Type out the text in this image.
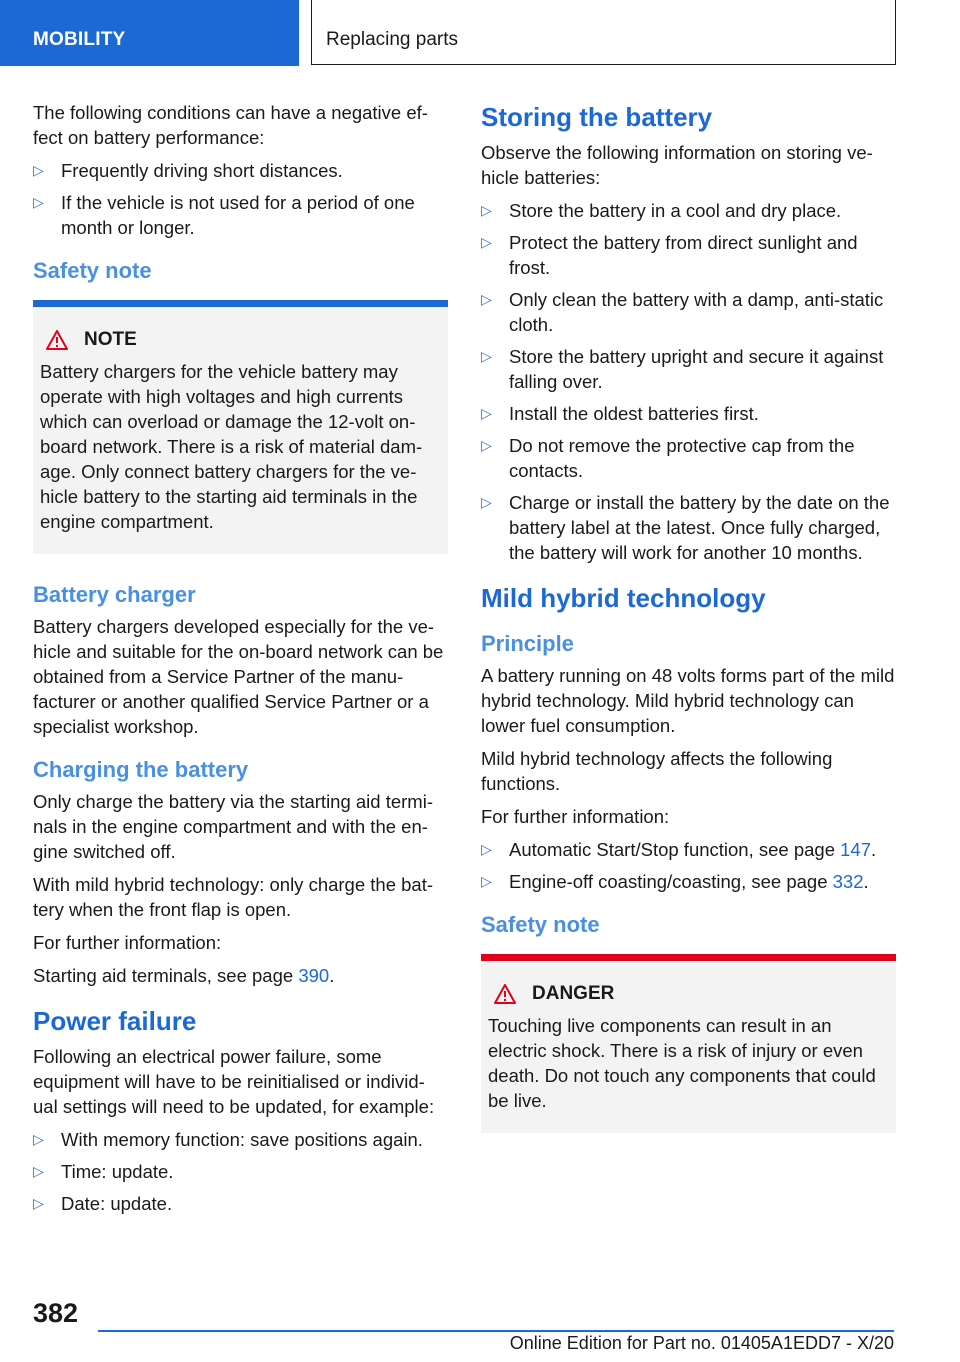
MOBILITY	Replacing parts

The following conditions can have a negative ef-fect on battery performance:

▷ Frequently driving short distances.
▷ If the vehicle is not used for a period of one month or longer.
Safety note
NOTE

Battery chargers for the vehicle battery may operate with high voltages and high currents which can overload or damage the 12-volt on-board network. There is a risk of material dam-age. Only connect battery chargers for the ve-hicle battery to the starting aid terminals in the engine compartment.

Battery charger

Battery chargers developed especially for the ve-hicle and suitable for the on-board network can be obtained from a Service Partner of the manu-facturer or another qualified Service Partner or a specialist workshop.

Charging the battery

Only charge the battery via the starting aid termi-nals in the engine compartment and with the en-gine switched off.

With mild hybrid technology: only charge the bat-tery when the front flap is open.

For further information:

Starting aid terminals, see page 390.

Power failure

Following an electrical power failure, some equipment will have to be reinitialised or individ-ual settings will need to be updated, for example:

▷ With memory function: save positions again.
▷ Time: update.
▷ Date: update.
Storing the battery

Observe the following information on storing ve-hicle batteries:

▷ Store the battery in a cool and dry place.
▷ Protect the battery from direct sunlight and frost.
▷ Only clean the battery with a damp, anti-static cloth.
▷ Store the battery upright and secure it against falling over.
▷ Install the oldest batteries first.
▷ Do not remove the protective cap from the contacts.
▷ Charge or install the battery by the date on the battery label at the latest. Once fully charged, the battery will work for another 10 months.
Mild hybrid technology
Principle

A battery running on 48 volts forms part of the mild hybrid technology. Mild hybrid technology can lower fuel consumption.

Mild hybrid technology affects the following functions.

For further information:

▷ Automatic Start/Stop function, see page 147.
▷ Engine-off coasting/coasting, see page 332.
Safety note
DANGER

Touching live components can result in an electric shock. There is a risk of injury or even death. Do not touch any components that could be live.

382
Online Edition for Part no. 01405A1EDD7 - X/20
